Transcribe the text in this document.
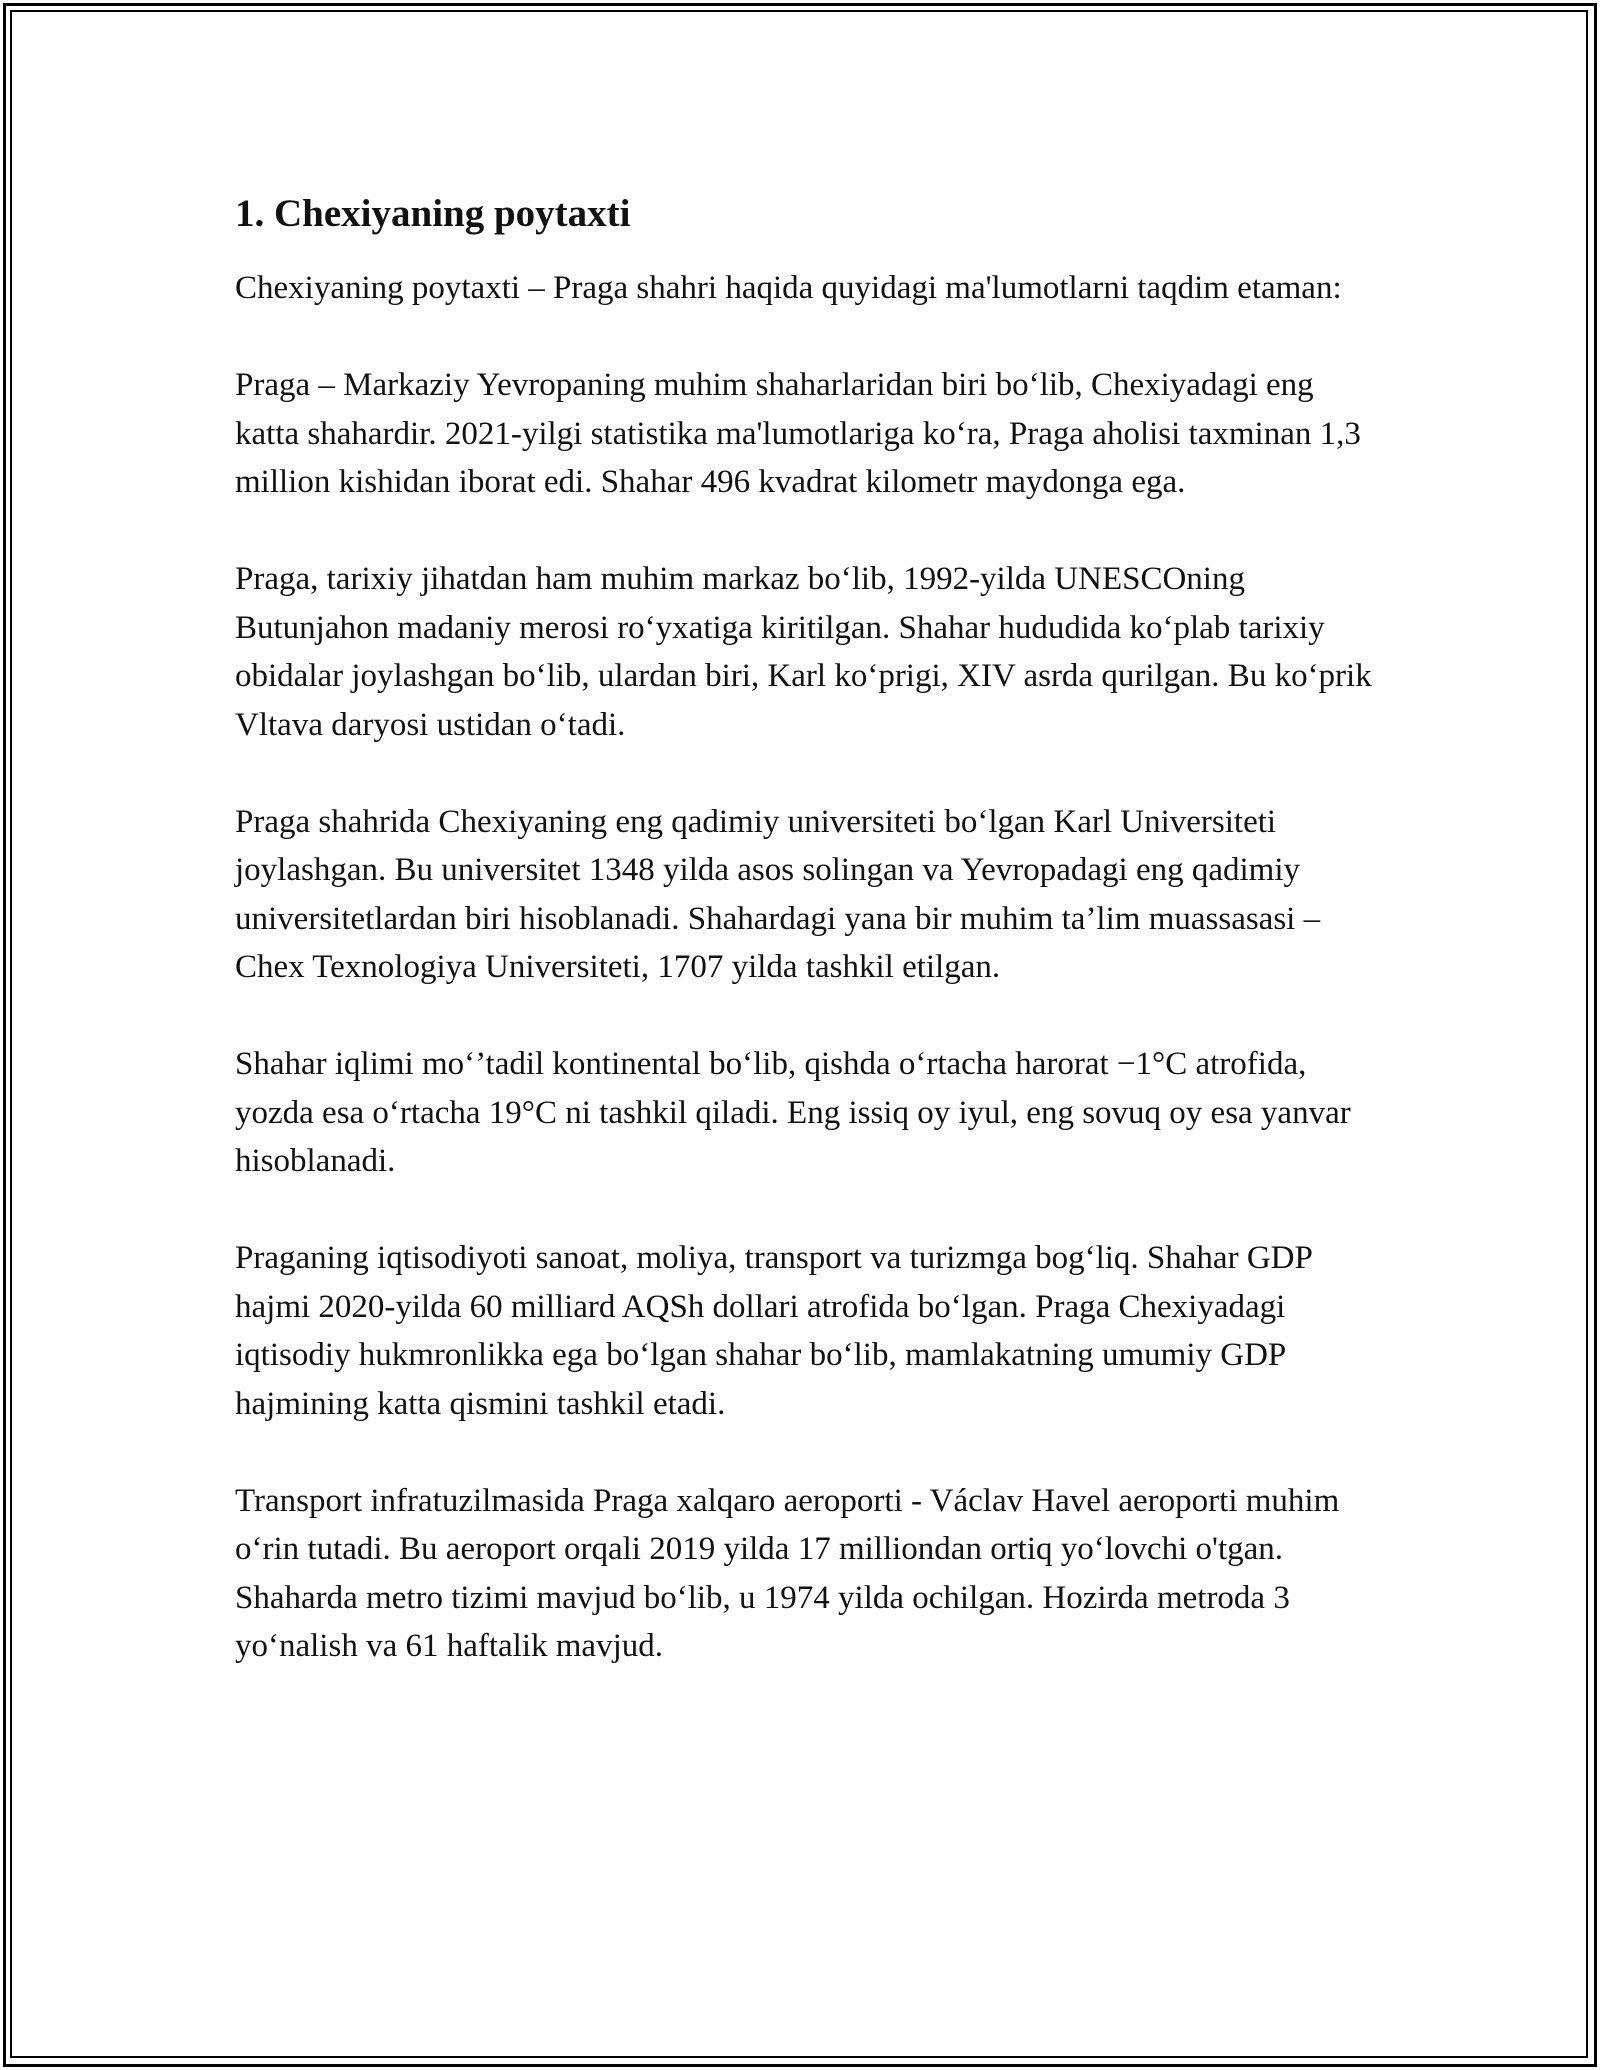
1. Chexiyaning poytaxti

Chexiyaning poytaxti – Praga shahri haqida quyidagi ma'lumotlarni taqdim etaman:

Praga – Markaziy Yevropaning muhim shaharlaridan biri bo‘lib, Chexiyadagi eng katta shahardir. 2021-yilgi statistika ma'lumotlariga ko‘ra, Praga aholisi taxminan 1,3 million kishidan iborat edi. Shahar 496 kvadrat kilometr maydonga ega.

Praga, tarixiy jihatdan ham muhim markaz bo‘lib, 1992-yilda UNESCOning Butunjahon madaniy merosi ro‘yxatiga kiritilgan. Shahar hududida ko‘plab tarixiy obidalar joylashgan bo‘lib, ulardan biri, Karl ko‘prigi, XIV asrda qurilgan. Bu ko‘prik Vltava daryosi ustidan o‘tadi.

Praga shahrida Chexiyaning eng qadimiy universiteti bo‘lgan Karl Universiteti joylashgan. Bu universitet 1348 yilda asos solingan va Yevropadagi eng qadimiy universitetlardan biri hisoblanadi. Shahardagi yana bir muhim ta’lim muassasasi – Chex Texnologiya Universiteti, 1707 yilda tashkil etilgan.

Shahar iqlimi mo‘’tadil kontinental bo‘lib, qishda o‘rtacha harorat −1°C atrofida, yozda esa o‘rtacha 19°C ni tashkil qiladi. Eng issiq oy iyul, eng sovuq oy esa yanvar hisoblanadi.

Praganing iqtisodiyoti sanoat, moliya, transport va turizmga bog‘liq. Shahar GDP hajmi 2020-yilda 60 milliard AQSh dollari atrofida bo‘lgan. Praga Chexiyadagi iqtisodiy hukmronlikka ega bo‘lgan shahar bo‘lib, mamlakatning umumiy GDP hajmining katta qismini tashkil etadi.

Transport infratuzilmasida Praga xalqaro aeroporti - Václav Havel aeroporti muhim o‘rin tutadi. Bu aeroport orqali 2019 yilda 17 milliondan ortiq yo‘lovchi o'tgan. Shaharda metro tizimi mavjud bo‘lib, u 1974 yilda ochilgan. Hozirda metroda 3 yo‘nalish va 61 haftalik mavjud.
